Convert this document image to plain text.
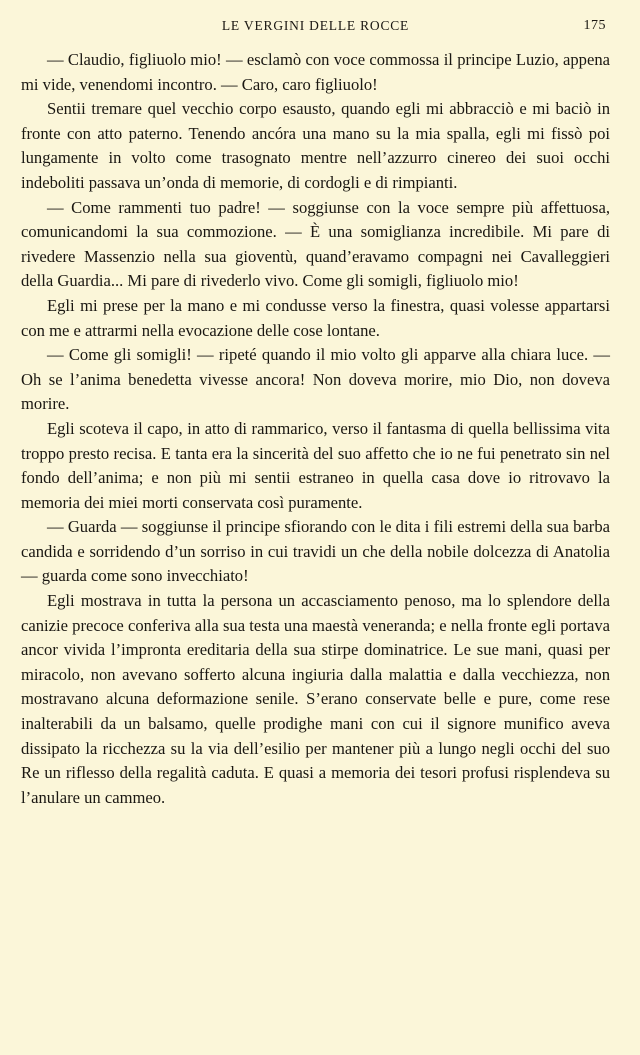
LE VERGINI DELLE ROCCE	175

— Claudio, figliuolo mio! — esclamò con voce commossa il principe Luzio, appena mi vide, venendomi incontro. — Caro, caro figliuolo!

Sentii tremare quel vecchio corpo esausto, quando egli mi abbracciò e mi baciò in fronte con atto paterno. Tenendo ancóra una mano su la mia spalla, egli mi fissò poi lungamente in volto come trasognato mentre nell’azzurro cinereo dei suoi occhi indeboliti passava un’onda di memorie, di cordogli e di rimpianti.

— Come rammenti tuo padre! — soggiunse con la voce sempre più affettuosa, comunicandomi la sua commozione. — È una somiglianza incredibile. Mi pare di rivedere Massenzio nella sua gioventù, quand’eravamo compagni nei Cavalleggieri della Guardia... Mi pare di rivederlo vivo. Come gli somigli, figliuolo mio!

Egli mi prese per la mano e mi condusse verso la finestra, quasi volesse appartarsi con me e attrarmi nella evocazione delle cose lontane.

— Come gli somigli! — ripeté quando il mio volto gli apparve alla chiara luce. — Oh se l’anima benedetta vivesse ancora! Non doveva morire, mio Dio, non doveva morire.

Egli scoteva il capo, in atto di rammarico, verso il fantasma di quella bellissima vita troppo presto recisa. E tanta era la sincerità del suo affetto che io ne fui penetrato sin nel fondo dell’anima; e non più mi sentii estraneo in quella casa dove io ritrovavo la memoria dei miei morti conservata così puramente.

— Guarda — soggiunse il principe sfiorando con le dita i fili estremi della sua barba candida e sorridendo d’un sorriso in cui travidi un che della nobile dolcezza di Anatolia — guarda come sono invecchiato!

Egli mostrava in tutta la persona un accasciamento penoso, ma lo splendore della canizie precoce conferiva alla sua testa una maestà veneranda; e nella fronte egli portava ancor vivida l’impronta ereditaria della sua stirpe dominatrice. Le sue mani, quasi per miracolo, non avevano sofferto alcuna ingiuria dalla malattia e dalla vecchiezza, non mostravano alcuna deformazione senile. S’erano conservate belle e pure, come rese inalterabili da un balsamo, quelle prodighe mani con cui il signore munifico aveva dissipato la ricchezza su la via dell’esilio per mantener più a lungo negli occhi del suo Re un riflesso della regalità caduta. E quasi a memoria dei tesori profusi risplendeva su l’anulare un cammeo.
